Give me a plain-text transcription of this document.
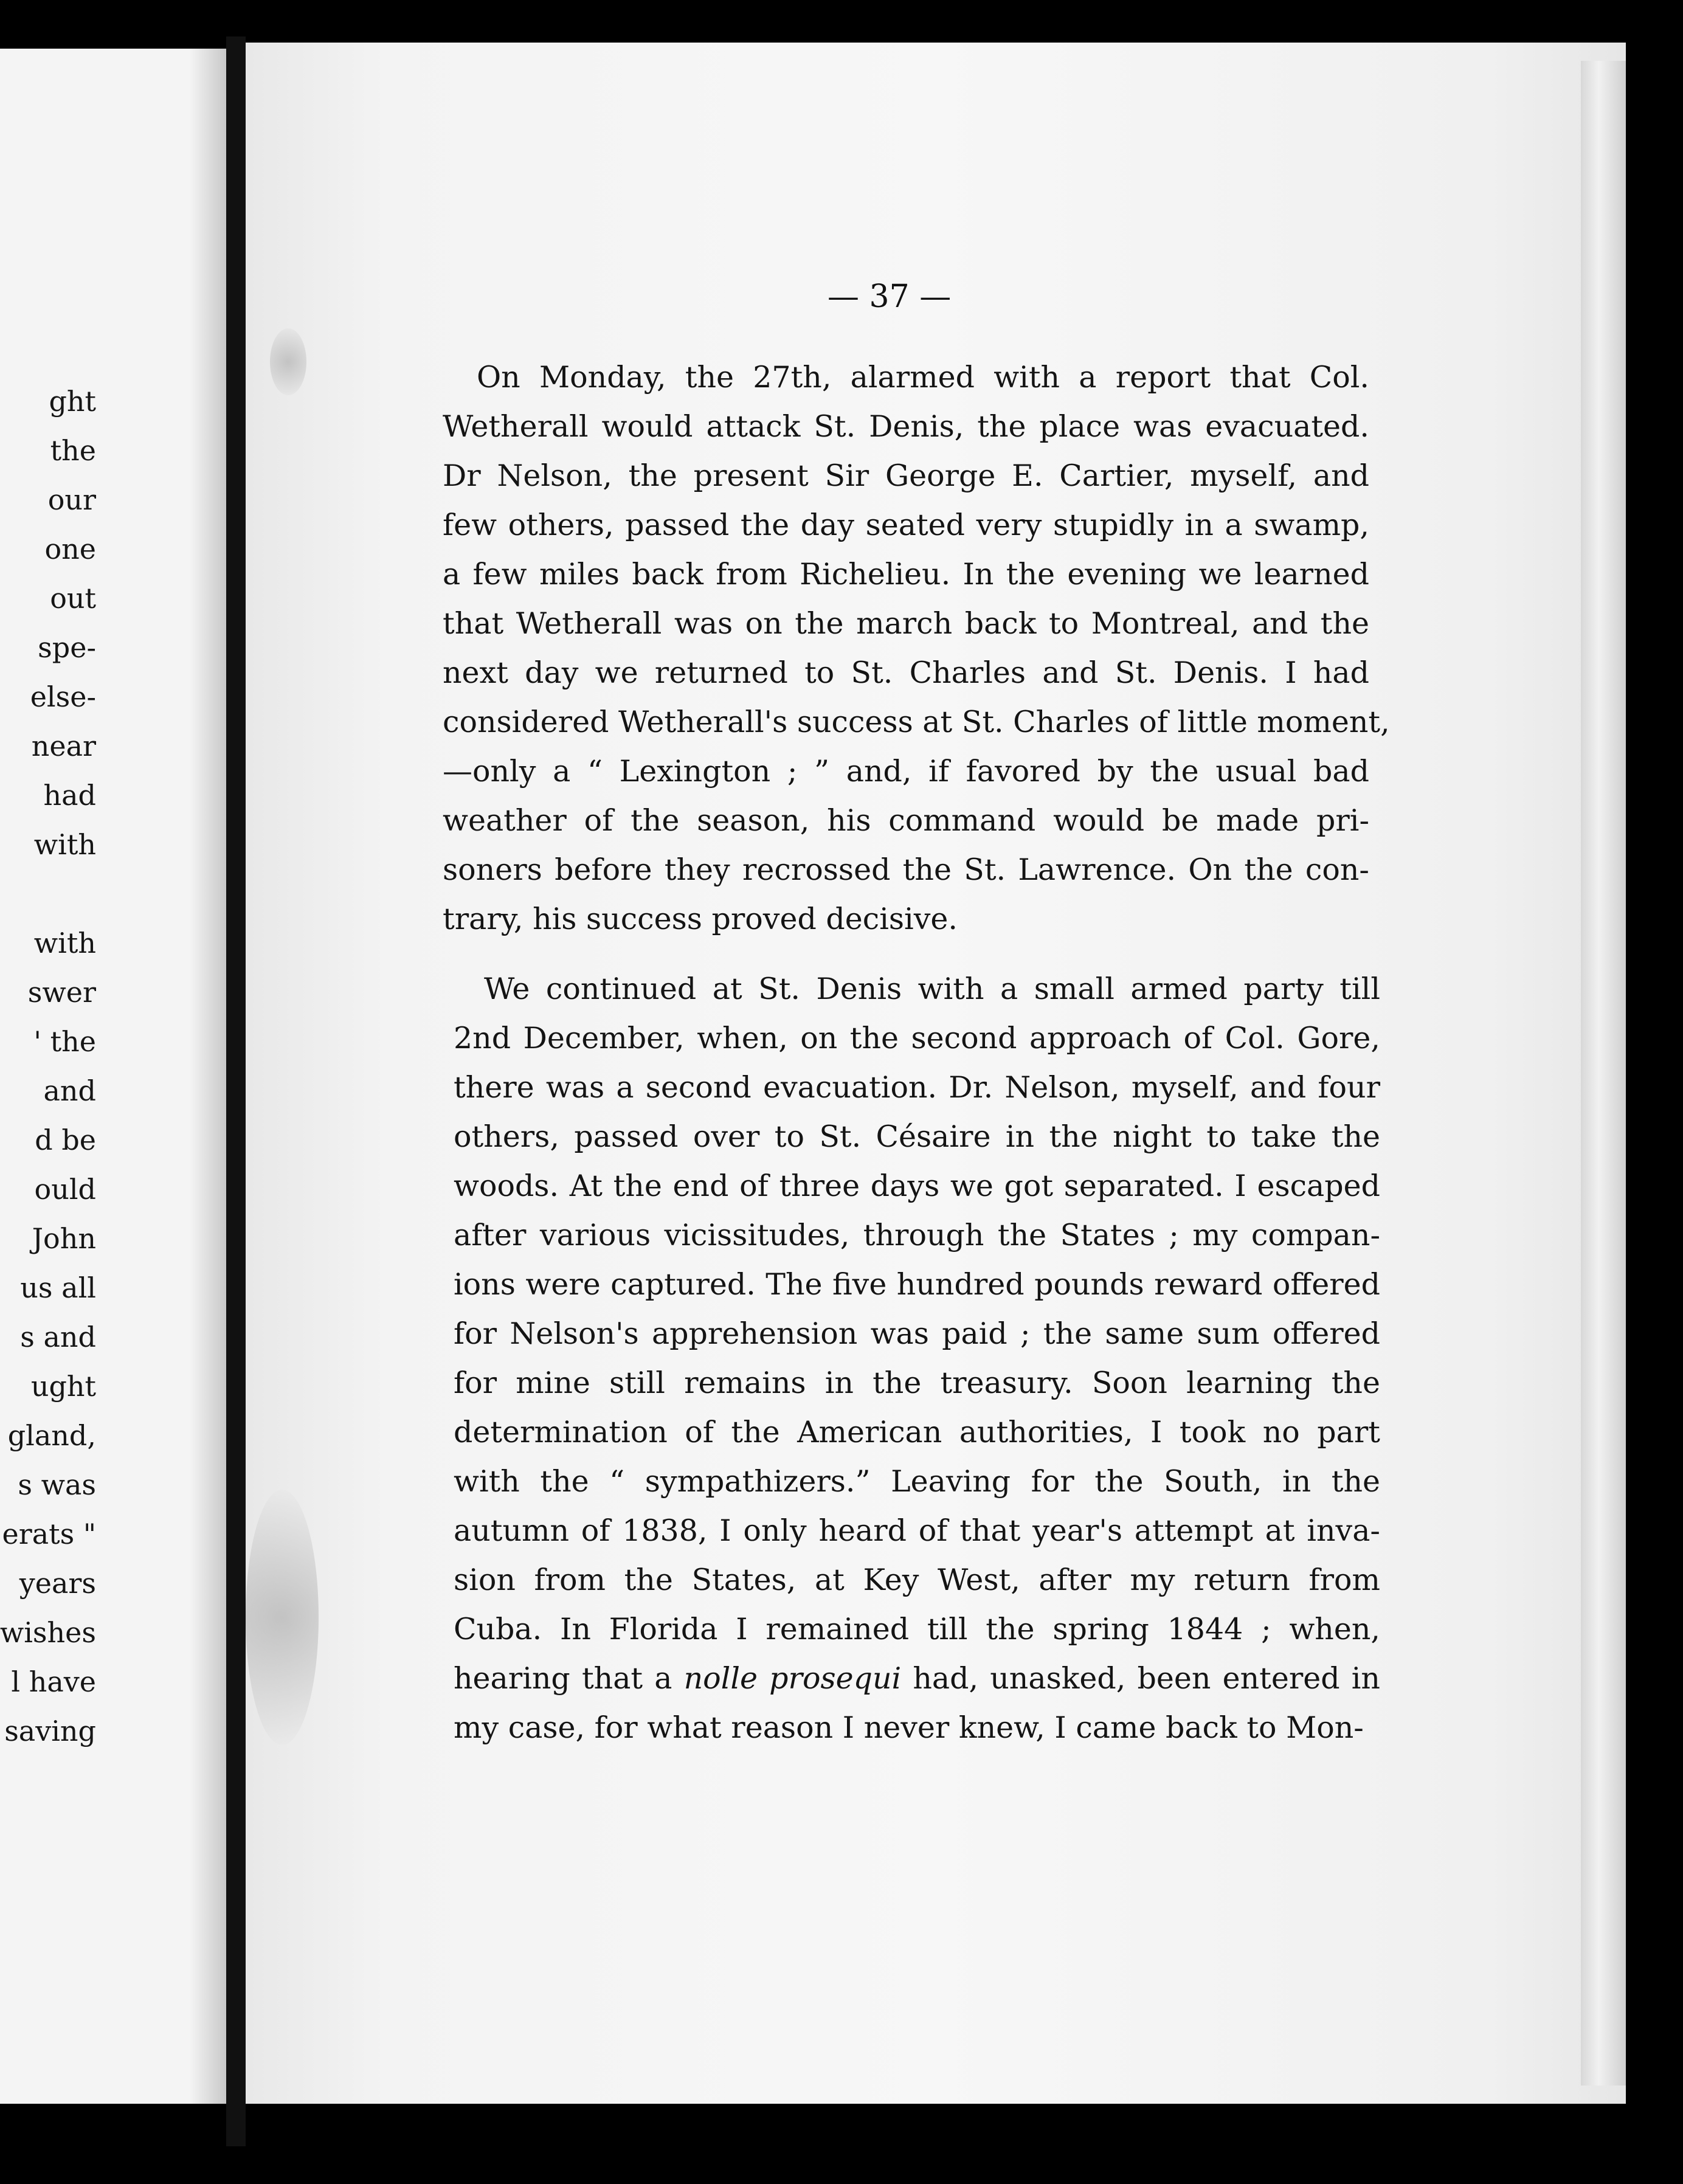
ght
the
our
one
out
spe-
else-
near
had
with
with
swer
' the
and
d be
ould
John
us all
s and
ught
gland,
s was
erats "
years
wishes
l have
saving
— 37 —
On Monday, the 27th, alarmed with a report that Col.
Wetherall would attack St. Denis, the place was evacuated.
Dr Nelson, the present Sir George E. Cartier, myself, and
few others, passed the day seated very stupidly in a swamp,
a few miles back from Richelieu. In the evening we learned
that Wetherall was on the march back to Montreal, and the
next day we returned to St. Charles and St. Denis. I had
considered Wetherall's success at St. Charles of little moment,
—only a “ Lexington ; ” and, if favored by the usual bad
weather of the season, his command would be made pri-
soners before they recrossed the St. Lawrence. On the con-
trary, his success proved decisive.
We continued at St. Denis with a small armed party till
2nd December, when, on the second approach of Col. Gore,
there was a second evacuation. Dr. Nelson, myself, and four
others, passed over to St. Césaire in the night to take the
woods. At the end of three days we got separated. I escaped
after various vicissitudes, through the States ; my compan-
ions were captured. The five hundred pounds reward offered
for Nelson's apprehension was paid ; the same sum offered
for mine still remains in the treasury. Soon learning the
determination of the American authorities, I took no part
with the “ sympathizers.” Leaving for the South, in the
autumn of 1838, I only heard of that year's attempt at inva-
sion from the States, at Key West, after my return from
Cuba. In Florida I remained till the spring 1844 ; when,
hearing that a nolle prosequi had, unasked, been entered in
my case, for what reason I never knew, I came back to Mon-
